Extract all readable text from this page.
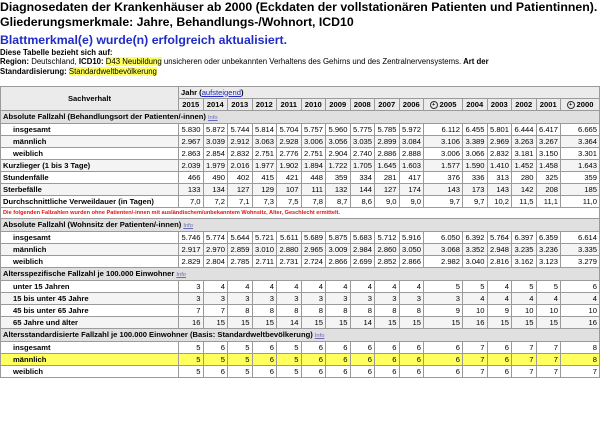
Diagnosedaten der Krankenhäuser ab 2000 (Eckdaten der vollstationären Patienten und Patientinnen).
Gliederungsmerkmale: Jahre, Behandlungs-/Wohnort, ICD10
Blattmerkmal(e) wurde(n) erfolgreich aktualisiert.
Diese Tabelle bezieht sich auf:
Region: Deutschland, ICD10: D43 Neubildung unsicheren oder unbekannten Verhaltens des Gehirns und des Zentralnervensystems. Art der
Standardisierung: Standardweltbevölkerung
Sachverhalt	Jahr (aufsteigend)															
	2015	2014	2013	2012	2011	2010	2009	2008	2007	2006	+ 2005	2004	2003	2002	2001	+ 2000
Absolute Fallzahl (Behandlungsort der Patienten/-innen) Info																
insgesamt	5.830	5.872	5.744	5.814	5.704	5.757	5.960	5.775	5.785	5.972	6.112	6.455	5.801	6.444	6.417	6.665
männlich	2.967	3.039	2.912	3.063	2.928	3.006	3.056	3.035	2.899	3.084	3.106	3.389	2.969	3.263	3.267	3.364
weiblich	2.863	2.854	2.832	2.751	2.776	2.751	2.904	2.740	2.886	2.888	3.006	3.066	2.832	3.181	3.150	3.301
Kurzlieger (1 bis 3 Tage)	2.039	1.979	2.016	1.977	1.902	1.894	1.722	1.705	1.645	1.603	1.577	1.590	1.410	1.452	1.458	1.643
Stundenfälle	466	490	402	415	421	448	359	334	281	417	376	336	313	280	325	359
Sterbefälle	133	134	127	129	107	111	132	144	127	174	143	173	143	142	208	185
Durchschnittliche Verweildauer (in Tagen)	7,0	7,2	7,1	7,3	7,5	7,8	8,7	8,6	9,0	9,0	9,7	9,7	10,2	11,5	11,1	11,0
Die folgenden Fallzahlen wurden ohne Patienten/-innen mit ausländischem/unbekanntem Wohnsitz, Alter, Geschlecht ermittelt.																
Absolute Fallzahl (Wohnsitz der Patienten/-innen) Info																
insgesamt	5.746	5.774	5.644	5.721	5.611	5.689	5.875	5.683	5.712	5.916	6.050	6.392	5.764	6.397	6.359	6.614
männlich	2.917	2.970	2.859	3.010	2.880	2.965	3.009	2.984	2.860	3.050	3.068	3.352	2.948	3.235	3.236	3.335
weiblich	2.829	2.804	2.785	2.711	2.731	2.724	2.866	2.699	2.852	2.866	2.982	3.040	2.816	3.162	3.123	3.279
Altersspezifische Fallzahl je 100.000 Einwohner Info																
unter 15 Jahren	3	4	4	4	4	4	4	4	4	4	5	5	4	5	5	6
15 bis unter 45 Jahre	3	3	3	3	3	3	3	3	3	3	3	4	4	4	4	4
45 bis unter 65 Jahre	7	7	8	8	8	8	8	8	8	8	9	10	9	10	10	10
65 Jahre und älter	16	15	15	15	14	15	15	14	15	15	15	16	15	15	15	16
Altersstandardisierte Fallzahl je 100.000 Einwohner (Basis: Standardweltbevölkerung) Info																
insgesamt	5	6	5	6	5	6	6	6	6	6	6	7	6	7	7	8
männlich	5	5	5	6	5	6	6	6	6	6	6	7	6	7	7	8
weiblich	5	6	5	6	5	6	6	6	6	6	6	7	6	7	7	7
